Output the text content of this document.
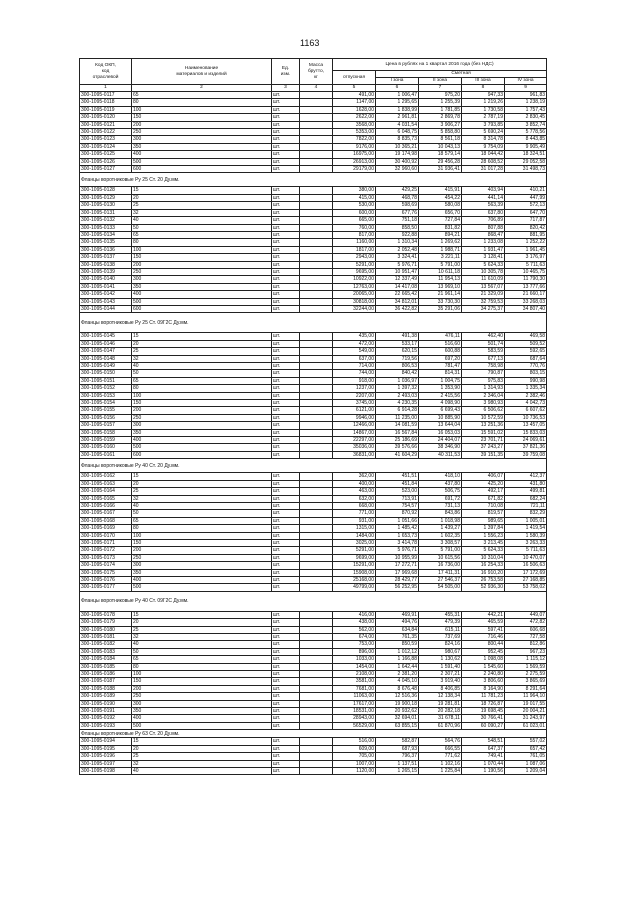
1163
Код ОКП,
код
отраслевой	Наименование
материалов и изделий	Ед.
изм.	Масса
брутто,
кг	Цена в рублях на 1 квартал 2016 года (без НДС)				
				отпускная	Сметная			
					I зона	II зона	III зона	IV зона
1	2	3	4	5	6	7	8	9
300-1095-0117	65	шт.		491,00	1 006,47	975,20	947,33	961,83
300-1095-0118	80	шт.		1147,00	1 295,65	1 255,39	1 219,26	1 238,19
300-1095-0119	100	шт.		1628,00	1 838,99	1 781,85	1 730,58	1 757,43
300-1095-0120	150	шт.		2622,00	2 961,81	2 869,78	2 787,19	2 830,45
300-1095-0121	200	шт.		3568,00	4 031,54	3 906,27	3 793,85	3 852,74
300-1095-0122	250	шт.		5353,00	6 048,75	5 858,80	5 690,24	5 778,56
300-1095-0123	300	шт.		7822,00	8 835,73	8 561,18	8 314,78	8 443,85
300-1095-0124	350	шт.		9176,00	10 365,21	10 043,13	9 754,09	9 905,49
300-1095-0125	400	шт.		16975,00	19 174,98	18 579,14	18 044,42	18 324,51
300-1095-0126	500	шт.		26913,00	30 400,92	29 456,28	28 608,52	29 052,58
300-1095-0127	600	шт.		29179,00	32 960,60	31 936,41	31 017,28	31 498,73
Фланцы воротниковые Ру 25 Ст. 20 Ду.мм.								
300-1095-0128	15	шт.		380,00	429,25	415,91	403,94	410,21
300-1095-0129	20	шт.		415,00	468,78	454,22	441,14	447,99
300-1095-0130	25	шт.		530,00	598,69	580,08	563,39	572,13
300-1095-0131	32	шт.		600,00	677,76	656,70	637,80	647,70
300-1095-0132	40	шт.		665,00	751,18	727,84	706,89	717,87
300-1095-0133	50	шт.		760,00	858,50	831,82	807,88	820,42
300-1095-0134	65	шт.		817,00	922,88	894,21	868,47	881,95
300-1095-0135	80	шт.		1160,00	1 310,34	1 269,62	1 233,08	1 252,22
300-1095-0136	100	шт.		1817,00	2 052,48	1 988,71	1 931,47	1 961,45
300-1095-0137	150	шт.		2943,00	3 324,41	3 221,11	3 128,41	3 176,97
300-1095-0138	200	шт.		5291,00	5 976,71	5 791,00	5 624,33	5 711,63
300-1095-0139	250	шт.		9695,00	10 951,47	10 611,18	10 305,78	10 465,75
300-1095-0140	300	шт.		10922,00	12 337,49	11 954,13	11 610,09	11 790,30
300-1095-0141	350	шт.		12763,00	14 417,08	13 969,10	13 567,07	13 777,66
300-1095-0142	400	шт.		20065,00	22 665,42	21 961,14	21 329,09	21 660,17
300-1095-0143	500	шт.		30818,00	34 812,01	33 730,30	32 759,53	33 268,03
300-1095-0144	600	шт.		32244,00	36 422,82	35 291,06	34 275,37	34 807,40
Фланцы воротниковые Ру 25 Ст. 09Г2С Ду.мм.								
300-1095-0145	15	шт.		435,00	491,38	476,11	462,40	469,58
300-1095-0146	20	шт.		472,00	533,17	516,60	501,74	509,52
300-1095-0147	25	шт.		549,00	620,15	600,88	583,59	592,65
300-1095-0148	32	шт.		637,00	719,56	697,20	677,13	687,64
300-1095-0149	40	шт.		714,00	806,53	781,47	758,98	770,76
300-1095-0150	50	шт.		744,00	840,42	814,31	790,87	803,15
300-1095-0151	65	шт.		918,00	1 036,97	1 004,75	975,83	990,98
300-1095-0152	80	шт.		1237,00	1 397,32	1 353,90	1 314,93	1 335,34
300-1095-0153	100	шт.		2207,00	2 493,03	2 415,56	2 346,04	2 382,46
300-1095-0154	150	шт.		3745,00	4 230,35	4 098,90	3 980,93	4 042,73
300-1095-0155	200	шт.		6121,00	6 914,28	6 699,43	6 506,62	6 607,62
300-1095-0156	250	шт.		9946,00	11 235,00	10 885,90	10 572,59	10 736,53
300-1095-0157	300	шт.		12466,00	14 081,59	13 644,04	13 251,36	13 457,05
300-1095-0158	350	шт.		14867,00	16 567,84	16 053,03	15 591,02	15 833,03
300-1095-0159	400	шт.		22297,00	25 186,69	24 404,07	23 701,71	24 069,61
300-1095-0160	500	шт.		35036,00	39 576,66	38 346,90	37 243,27	37 821,36
300-1095-0161	600	шт.		36831,00	41 604,29	40 311,53	39 151,35	39 759,08
Фланцы воротниковые Ру 40 Ст. 20 Ду.мм.								
300-1095-0162	15	шт.		362,00	451,51	418,10	406,07	412,37
300-1095-0163	20	шт.		400,00	451,84	437,80	425,20	431,80
300-1095-0164	25	шт.		463,00	523,00	506,75	492,17	499,81
300-1095-0165	32	шт.		632,00	713,91	691,72	671,82	682,24
300-1095-0166	40	шт.		668,00	754,57	731,13	710,08	721,11
300-1095-0167	50	шт.		771,00	870,92	843,86	819,57	832,29
300-1095-0168	65	шт.		931,00	1 051,66	1 018,98	989,65	1 005,01
300-1095-0169	80	шт.		1315,00	1 485,42	1 439,27	1 397,84	1 419,54
300-1095-0170	100	шт.		1484,00	1 653,73	1 602,35	1 556,23	1 580,39
300-1095-0171	150	шт.		3025,00	3 414,78	3 308,57	3 213,45	3 263,33
300-1095-0172	200	шт.		5291,00	5 976,71	5 791,00	5 624,33	5 711,63
300-1095-0173	250	шт.		9699,00	10 955,99	10 615,56	10 310,04	10 470,07
300-1095-0174	300	шт.		15291,00	17 272,71	16 736,00	16 254,33	16 506,63
300-1095-0175	350	шт.		15908,00	17 969,68	17 411,31	16 910,20	17 172,69
300-1095-0176	400	шт.		25168,00	28 429,77	27 546,37	26 753,58	27 168,85
300-1095-0177	500	шт.		49799,00	56 252,95	54 505,00	52 936,30	53 758,02
Фланцы воротниковые Ру 40 Ст. 09Г2С Ду.мм.								
300-1095-0178	15	шт.		416,00	469,91	455,31	442,21	449,07
300-1095-0179	20	шт.		438,00	494,76	479,39	465,59	472,82
300-1095-0180	25	шт.		562,00	634,84	615,11	597,41	606,68
300-1095-0181	32	шт.		674,00	761,35	737,69	716,46	727,58
300-1095-0182	40	шт.		753,00	850,59	824,16	800,44	812,86
300-1095-0183	50	шт.		896,00	1 012,12	980,67	952,45	967,23
300-1095-0184	65	шт.		1033,00	1 166,88	1 130,62	1 098,08	1 115,12
300-1095-0185	80	шт.		1454,00	1 642,44	1 591,40	1 545,60	1 569,59
300-1095-0186	100	шт.		2108,00	2 381,20	2 307,21	2 240,80	2 275,59
300-1095-0187	150	шт.		3581,00	4 045,10	3 919,40	3 806,60	3 865,69
300-1095-0188	200	шт.		7681,00	8 676,48	8 406,85	8 164,90	8 291,64
300-1095-0189	250	шт.		11063,00	12 516,36	12 138,34	11 781,23	11 964,10
300-1095-0190	300	шт.		17617,00	19 900,18	19 281,81	18 726,87	19 017,55
300-1095-0191	350	шт.		18531,00	20 932,62	20 282,18	19 698,45	20 004,21
300-1095-0192	400	шт.		28943,00	32 694,01	31 678,11	30 766,41	31 243,97
300-1095-0193	500	шт.		56529,00	63 855,15	61 870,96	60 090,27	61 023,01
Фланцы воротниковые Ру 63 Ст. 20 Ду.мм.								
300-1095-0194	15	шт.		516,00	582,87	564,76	548,51	557,02
300-1095-0195	20	шт.		609,00	687,93	666,55	647,37	657,42
300-1095-0196	25	шт.		705,00	796,37	771,62	749,41	761,05
300-1095-0197	32	шт.		1007,00	1 137,51	1 102,16	1 070,44	1 087,06
300-1095-0198	40	шт.		1120,00	1 265,15	1 225,84	1 190,56	1 209,04
